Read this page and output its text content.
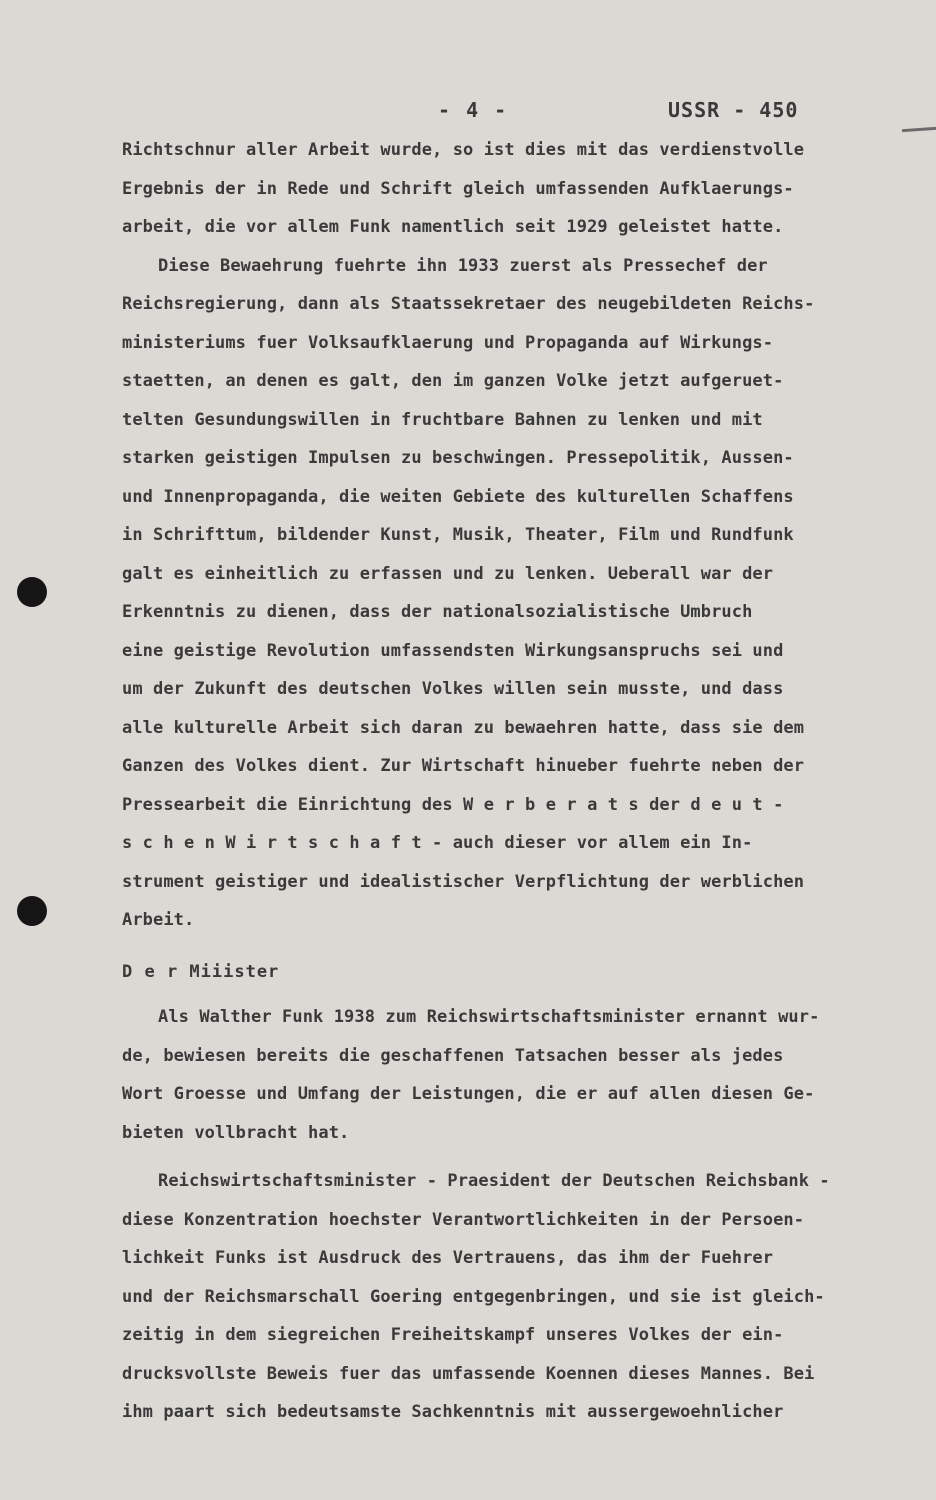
- 4 -	USSR - 450
Richtschnur aller Arbeit wurde, so ist dies mit das verdienstvolle
Ergebnis der in Rede und Schrift gleich umfassenden Aufklaerungs-
arbeit, die vor allem Funk namentlich seit 1929 geleistet hatte.
Diese Bewaehrung fuehrte ihn 1933 zuerst als Pressechef der
Reichsregierung, dann als Staatssekretaer des neugebildeten Reichs-
ministeriums fuer Volksaufklaerung und Propaganda auf Wirkungs-
staetten, an denen es galt, den im ganzen Volke jetzt aufgeruet-
telten Gesundungswillen in fruchtbare Bahnen zu lenken und mit
starken geistigen Impulsen zu beschwingen. Pressepolitik, Aussen-
und Innenpropaganda, die weiten Gebiete des kulturellen Schaffens
in Schrifttum, bildender Kunst, Musik, Theater, Film und Rundfunk
galt es einheitlich zu erfassen und zu lenken. Ueberall war der
Erkenntnis zu dienen, dass der nationalsozialistische Umbruch
eine geistige Revolution umfassendsten Wirkungsanspruchs sei und
um der Zukunft des deutschen Volkes willen sein musste, und dass
alle kulturelle Arbeit sich daran zu bewaehren hatte, dass sie dem
Ganzen des Volkes dient. Zur Wirtschaft hinueber fuehrte neben der
Pressearbeit die Einrichtung des W e r b e r a t s der d e u t -
s c h e n W i r t s c h a f t - auch dieser vor allem ein In-
strument geistiger und idealistischer Verpflichtung der werblichen
Arbeit.
D e r Miiister
Als Walther Funk 1938 zum Reichswirtschaftsminister ernannt wur-
de, bewiesen bereits die geschaffenen Tatsachen besser als jedes
Wort Groesse und Umfang der Leistungen, die er auf allen diesen Ge-
bieten vollbracht hat.
Reichswirtschaftsminister - Praesident der Deutschen Reichsbank -
diese Konzentration hoechster Verantwortlichkeiten in der Persoen-
lichkeit Funks ist Ausdruck des Vertrauens, das ihm der Fuehrer
und der Reichsmarschall Goering entgegenbringen, und sie ist gleich-
zeitig in dem siegreichen Freiheitskampf unseres Volkes der ein-
drucksvollste Beweis fuer das umfassende Koennen dieses Mannes. Bei
ihm paart sich bedeutsamste Sachkenntnis mit aussergewoehnlicher
